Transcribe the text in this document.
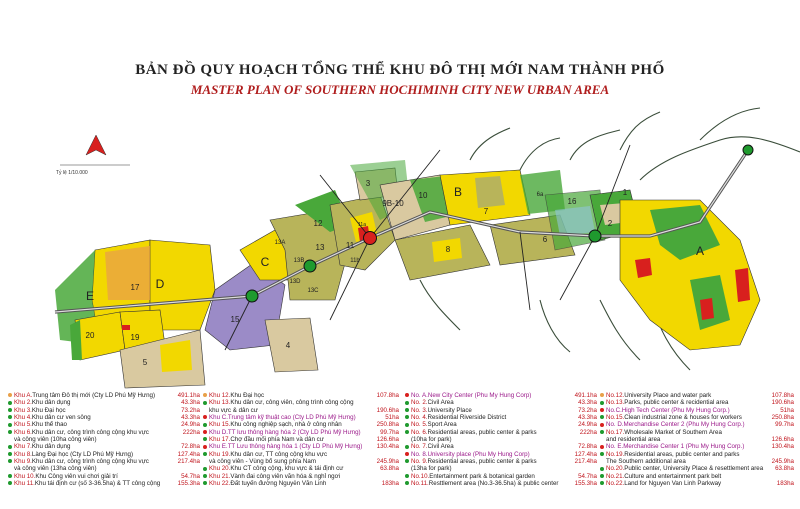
A
B
C
D
E
1
2
3
4
5
6
7
8
9B-10
10
11
11a
11b
12
13
13A
13B
13C
13D
15
16
17
19
20
6a
BẢN ĐỒ QUY HOẠCH TỔNG THỂ KHU ĐÔ THỊ MỚI NAM THÀNH PHỐ
MASTER PLAN OF SOUTHERN HOCHIMINH CITY NEW URBAN AREA
Tỷ lệ 1/10.000
Khu A. Trung tâm Đô thị mới (Cty LD Phú Mỹ Hưng)	491.1ha
Khu 2. Khu dân dụng	43.3ha
Khu 3. Khu Đại học	73.2ha
Khu 4. Khu dân cư ven sông	43.3ha
Khu 5. Khu thể thao	24.9ha
Khu 6. Khu dân cư, công trình công cộng khu vực	222ha
và công viên (10ha công viên)
Khu 7. Khu dân dụng	72.8ha
Khu 8. Làng Đại học (Cty LD Phú Mỹ Hưng)	127.4ha
Khu 9. Khu dân cư, công trình công cộng khu vực	217.4ha
và công viên (13ha công viên)
Khu 10. Khu Công viên vui chơi giải trí	54.7ha
Khu 11. Khu tái định cư (số 3-36.5ha) & TT công cộng	155.3ha
Khu 12. Khu Đại học	107.8ha
Khu 13. Khu dân cư, công viên, công trình công cộng
khu vực & dân cư	190.6ha
Khu C. Trung tâm kỹ thuật cao (Cty LD Phú Mỹ Hưng)	51ha
Khu 15. Khu công nghiệp sạch, nhà ở công nhân	250.8ha
Khu D. TT lưu thông hàng hóa 2 (Cty LD Phú Mỹ Hưng)	99.7ha
Khu 17. Chợ đầu mối phía Nam và dân cư	126.6ha
Khu E. TT Lưu thông hàng hóa 1 (Cty LD Phú Mỹ Hưng)	130.4ha
Khu 19. Khu dân cư, TT công cộng khu vực
và công viên - Vùng bổ sung phía Nam	245.9ha
Khu 20. Khu CT công cộng, khu vực & tái định cư	63.8ha
Khu 21. Vành đai công viên văn hóa & nghỉ ngơi
Khu 22. Đất tuyến đường Nguyễn Văn Linh	183ha
No. A. New City Center (Phu My Hung Corp)	491.1ha
No. 2. Civil Area	43.3ha
No. 3. University Place	73.2ha
No. 4. Residential Riverside District	43.3ha
No. 5. Sport Area	24.9ha
No. 6. Residential areas, public center & parks	222ha
(10ha for park)
No. 7. Civil Area	72.8ha
No. 8. University place (Phu My Hung Corp)	127.4ha
No. 9. Residential areas, public center & parks	217.4ha
(13ha for park)
No.10. Entertainment park & botanical garden	54.7ha
No.11. Resttlement area (No.3-36.5ha) & public center	155.3ha
No.12. University Place and water park	107.8ha
No.13. Parks, public center & recidential area	190.6ha
No.C. High Tech Center (Phu My Hung Corp.)	51ha
No.15. Clean industrial zone & houses for workers	250.8ha
No. D. Merchandise Center 2 (Phu My Hung Corp.)	99.7ha
No.17. Wholesale Market of Southern Area
and residential area	126.6ha
No. E. Merchandise Center 1 (Phu My Hung Corp.)	130.4ha
No.19. Residential areas, public center and parks
The Southern additional area	245.9ha
No.20. Public center, University Place & resettlement area	63.8ha
No.21. Culture and entertainment park belt
No.22. Land for Nguyen Van Linh Parkway	183ha
